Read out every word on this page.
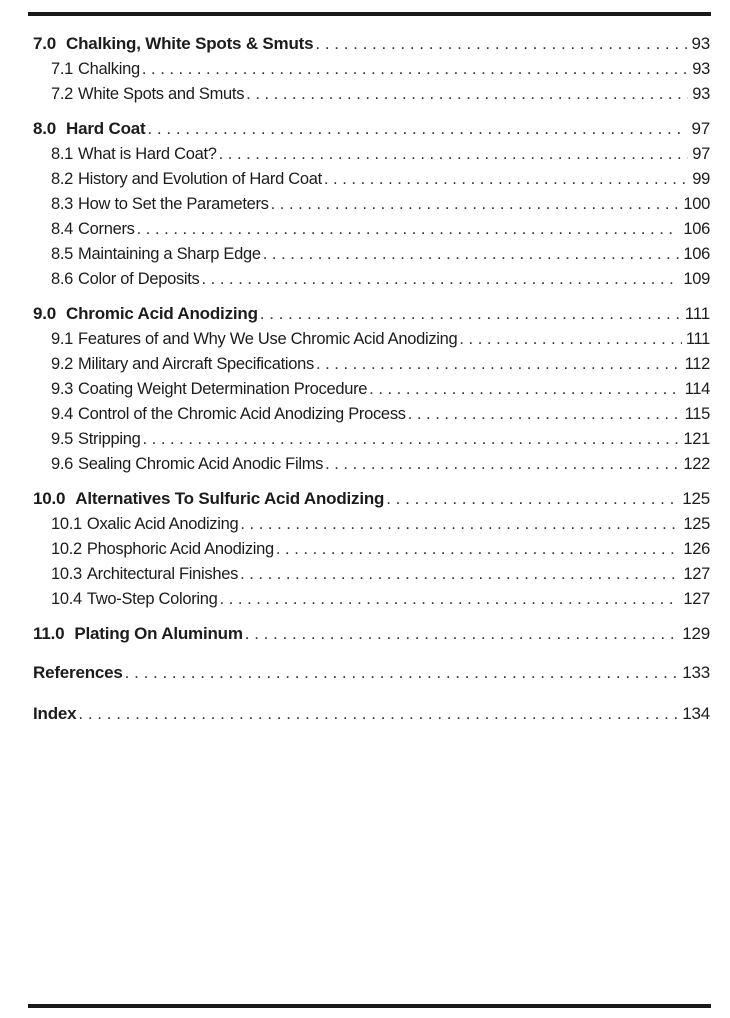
7.0 Chalking, White Spots & Smuts . . .	93
7.1 Chalking . . .	93
7.2 White Spots and Smuts . . .	93
8.0 Hard Coat . . .	97
8.1 What is Hard Coat? . . .	97
8.2 History and Evolution of Hard Coat . . .	99
8.3 How to Set the Parameters . . .	100
8.4 Corners . . .	106
8.5 Maintaining a Sharp Edge . . .	106
8.6 Color of Deposits . . .	109
9.0 Chromic Acid Anodizing . . .	111
9.1 Features of and Why We Use Chromic Acid Anodizing . . .	111
9.2 Military and Aircraft Specifications . . .	112
9.3 Coating Weight Determination Procedure . . .	114
9.4 Control of the Chromic Acid Anodizing Process . . .	115
9.5 Stripping . . .	121
9.6 Sealing Chromic Acid Anodic Films . . .	122
10.0 Alternatives To Sulfuric Acid Anodizing . . .	125
10.1 Oxalic Acid Anodizing . . .	125
10.2 Phosphoric Acid Anodizing . . .	126
10.3 Architectural Finishes . . .	127
10.4 Two-Step Coloring . . .	127
11.0 Plating On Aluminum . . .	129
References . . .	133
Index . . .	134
